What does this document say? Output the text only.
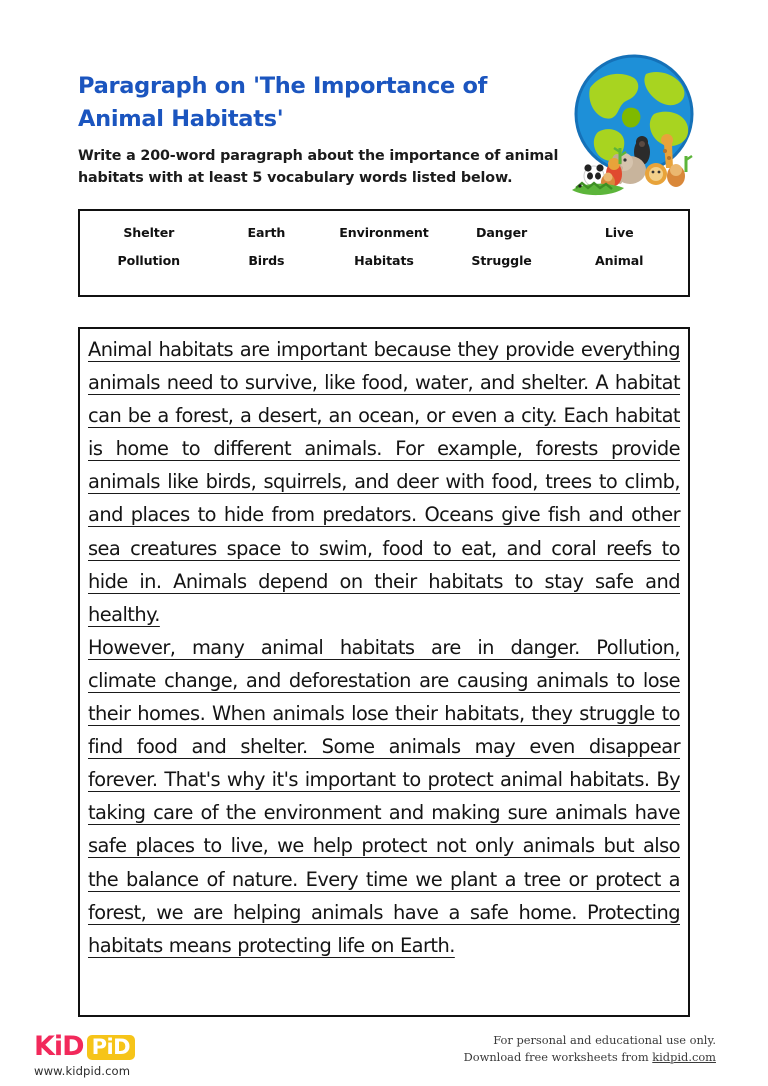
Paragraph on 'The Importance of Animal Habitats'
Write a 200-word paragraph about the importance of animal habitats with at least 5 vocabulary words listed below.
Shelter	Earth	Environment	Danger	Live
Pollution	Birds	Habitats	Struggle	Animal
Animal habitats are important because they provide everything animals need to survive, like food, water, and shelter. A habitat can be a forest, a desert, an ocean, or even a city. Each habitat is home to different animals. For example, forests provide animals like birds, squirrels, and deer with food, trees to climb, and places to hide from predators. Oceans give fish and other sea creatures space to swim, food to eat, and coral reefs to hide in. Animals depend on their habitats to stay safe and healthy.
However, many animal habitats are in danger. Pollution, climate change, and deforestation are causing animals to lose their homes. When animals lose their habitats, they struggle to find food and shelter. Some animals may even disappear forever. That's why it's important to protect animal habitats. By taking care of the environment and making sure animals have safe places to live, we help protect not only animals but also the balance of nature. Every time we plant a tree or protect a forest, we are helping animals have a safe home. Protecting habitats means protecting life on Earth.
KiD PiD
www.kidpid.com
For personal and educational use only.
Download free worksheets from kidpid.com
